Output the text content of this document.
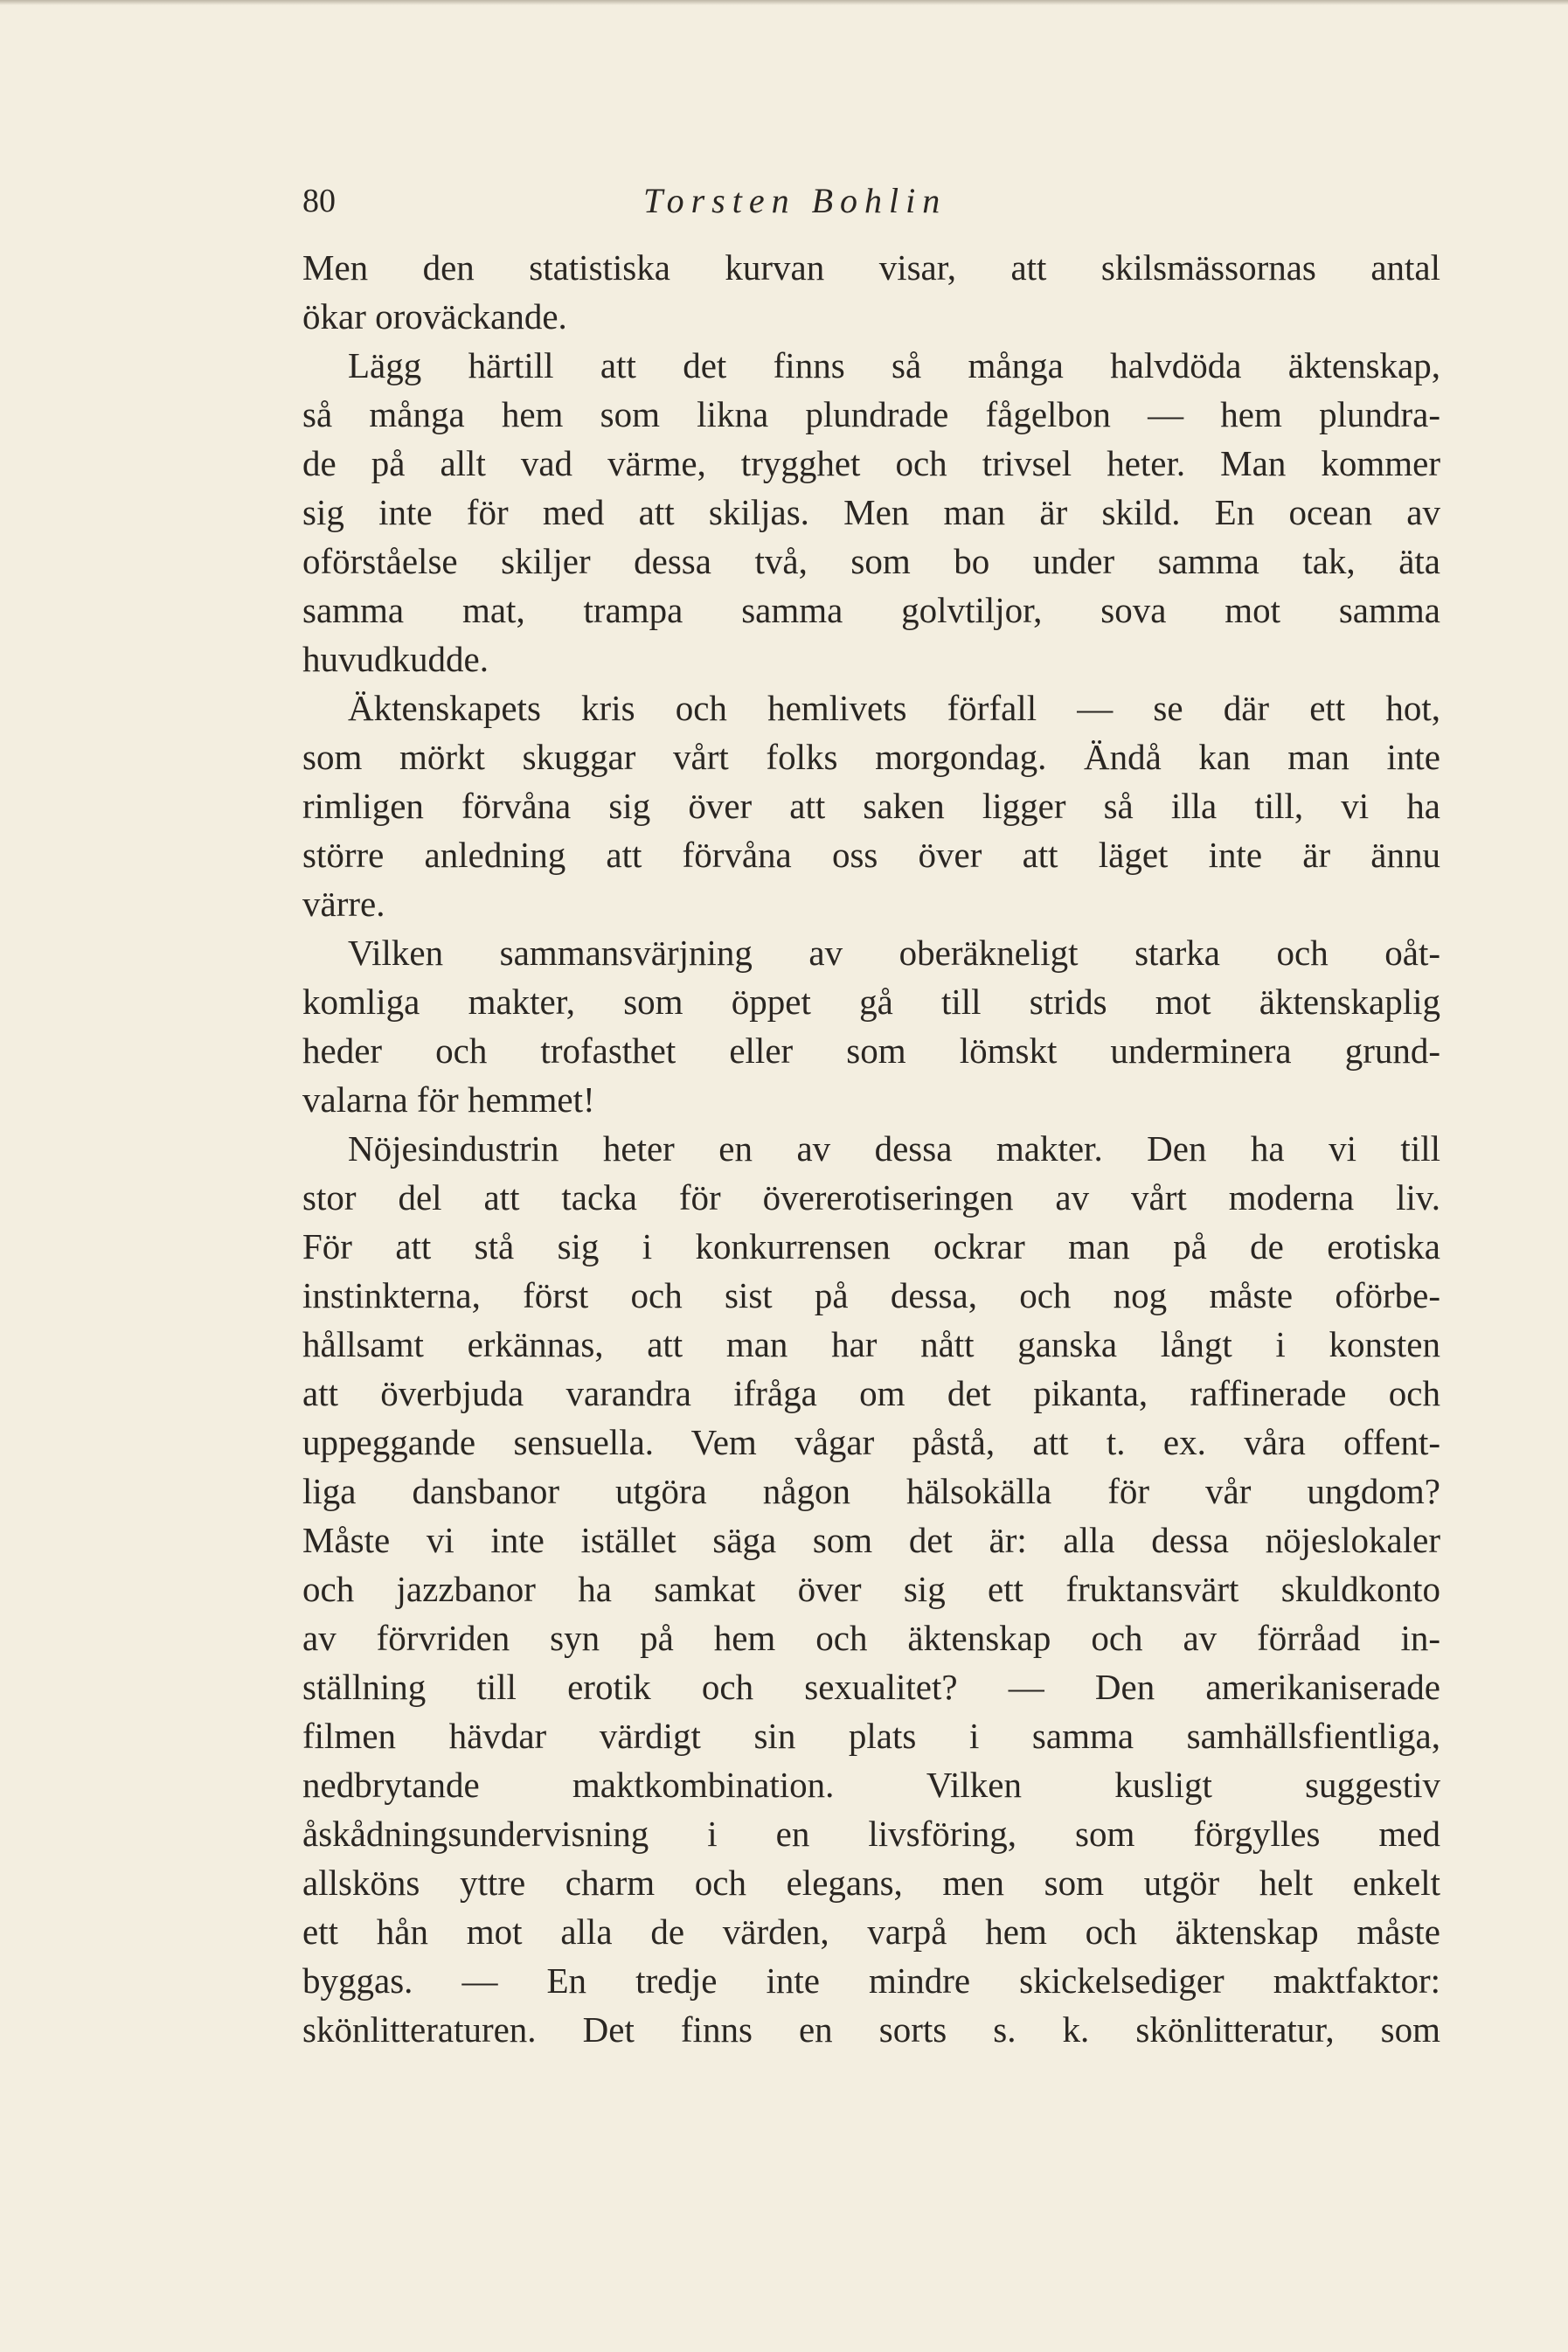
80	Torsten Bohlin
Men den statistiska kurvan visar, att skilsmässornas antal
ökar oroväckande.
Lägg härtill att det finns så många halvdöda äktenskap,
så många hem som likna plundrade fågelbon — hem plundra-
de på allt vad värme, trygghet och trivsel heter. Man kommer
sig inte för med att skiljas. Men man är skild. En ocean av
oförståelse skiljer dessa två, som bo under samma tak, äta
samma mat, trampa samma golvtiljor, sova mot samma
huvudkudde.
Äktenskapets kris och hemlivets förfall — se där ett hot,
som mörkt skuggar vårt folks morgondag. Ändå kan man inte
rimligen förvåna sig över att saken ligger så illa till, vi ha
större anledning att förvåna oss över att läget inte är ännu
värre.
Vilken sammansvärjning av oberäkneligt starka och oåt-
komliga makter, som öppet gå till strids mot äktenskaplig
heder och trofasthet eller som lömskt underminera grund-
valarna för hemmet!
Nöjesindustrin heter en av dessa makter. Den ha vi till
stor del att tacka för övererotiseringen av vårt moderna liv.
För att stå sig i konkurrensen ockrar man på de erotiska
instinkterna, först och sist på dessa, och nog måste oförbe-
hållsamt erkännas, att man har nått ganska långt i konsten
att överbjuda varandra ifråga om det pikanta, raffinerade och
uppeggande sensuella. Vem vågar påstå, att t. ex. våra offent-
liga dansbanor utgöra någon hälsokälla för vår ungdom?
Måste vi inte istället säga som det är: alla dessa nöjeslokaler
och jazzbanor ha samkat över sig ett fruktansvärt skuldkonto
av förvriden syn på hem och äktenskap och av förråad in-
ställning till erotik och sexualitet? — Den amerikaniserade
filmen hävdar värdigt sin plats i samma samhällsfientliga,
nedbrytande maktkombination. Vilken kusligt suggestiv
åskådningsundervisning i en livsföring, som förgylles med
allsköns yttre charm och elegans, men som utgör helt enkelt
ett hån mot alla de värden, varpå hem och äktenskap måste
byggas. — En tredje inte mindre skickelsediger maktfaktor:
skönlitteraturen. Det finns en sorts s. k. skönlitteratur, som
